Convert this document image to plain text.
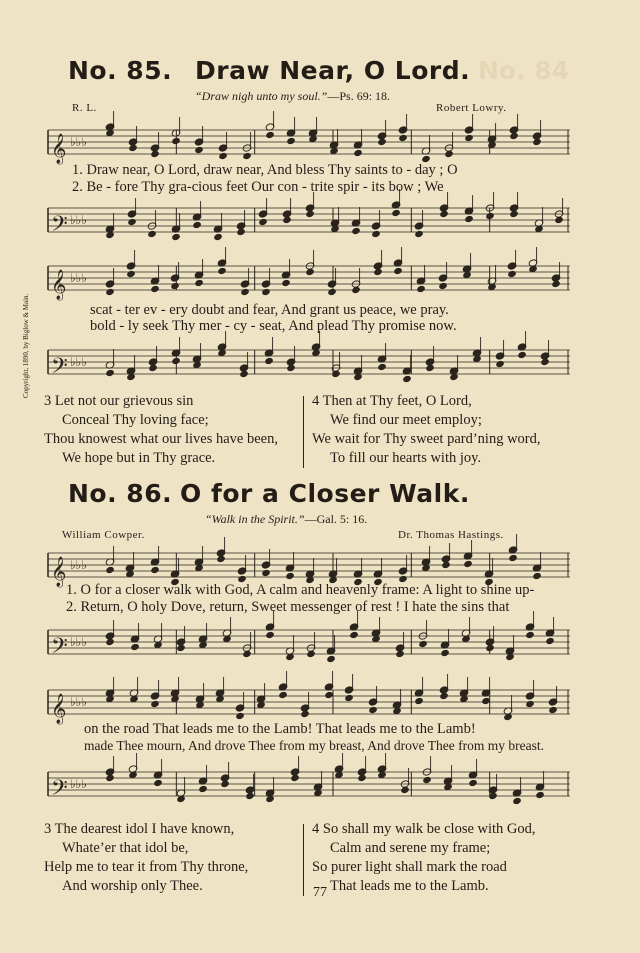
No. 84
No. 85. Draw Near, O Lord.
“Draw nigh unto my soul.”—Ps. 69: 18.
R. L.	Robert Lowry.
𝄞 ♭♭♭
1. Draw near, O Lord, draw near, And bless Thy saints to - day ; O
2. Be - fore Thy gra-cious feet Our con - trite spir - its bow ; We
𝄢 ♭♭♭
𝄞 ♭♭♭
scat - ter ev - ery doubt and fear, And grant us peace, we pray.
bold - ly seek Thy mer - cy - seat, And plead Thy promise now.
𝄢 ♭♭♭
3 Let not our grievous sin
Conceal Thy loving face;
Thou knowest what our lives have been,
We hope but in Thy grace.
4 Then at Thy feet, O Lord,
We find our meet employ;
We wait for Thy sweet pard’ning word,
To fill our hearts with joy.
No. 86. O for a Closer Walk.
“Walk in the Spirit.”—Gal. 5: 16.
William Cowper.	Dr. Thomas Hastings.
𝄞 ♭♭♭
1. O for a closer walk with God, A calm and heavenly frame: A light to shine up-
2. Return, O holy Dove, return, Sweet messenger of rest ! I hate the sins that
𝄢 ♭♭♭
𝄞 ♭♭♭
on the road That leads me to the Lamb! That leads me to the Lamb!
made Thee mourn, And drove Thee from my breast, And drove Thee from my breast.
𝄢 ♭♭♭
3 The dearest idol I have known,
Whate’er that idol be,
Help me to tear it from Thy throne,
And worship only Thee.
4 So shall my walk be close with God,
Calm and serene my frame;
So purer light shall mark the road
That leads me to the Lamb.
Copyright, 1890, by Biglow & Main.
77
